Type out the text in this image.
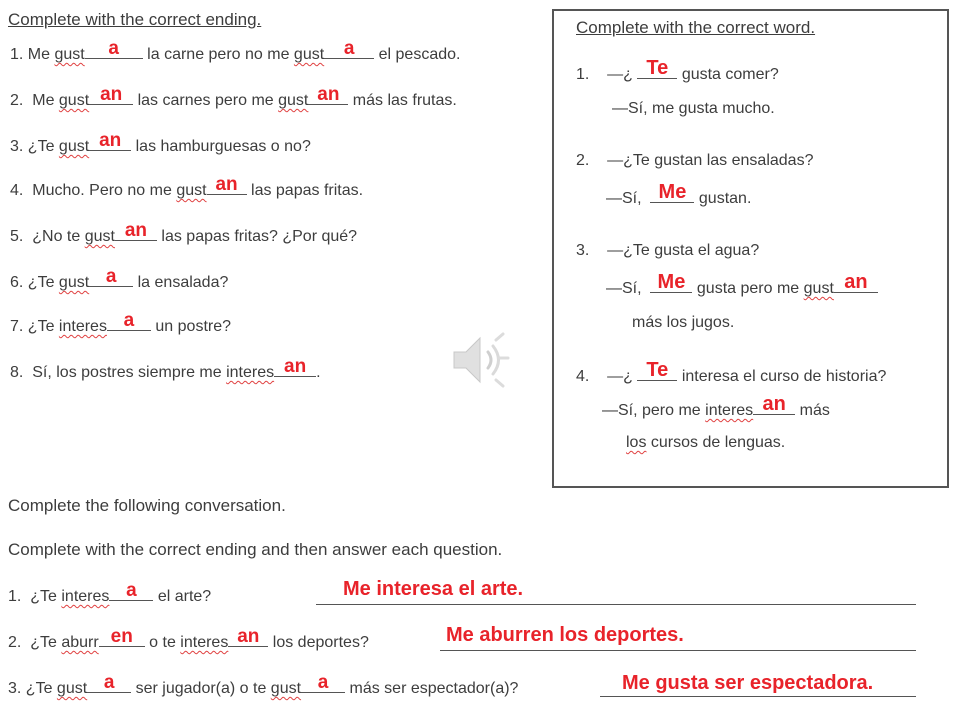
Complete with the correct ending.
1. Me gust	a	la carne pero no me gust	a	el pescado.
2. Me gust an las carnes pero me gust an más las frutas.
3. ¿Te gust an las hamburguesas o no?
4. Mucho. Pero no me gust an las papas fritas.
5. ¿No te gust an las papas fritas? ¿Por qué?
6. ¿Te gust a	la ensalada?
7. ¿Te interes a	un postre?
8. Sí, los postres siempre me interes an .
Complete with the correct word.
1. —¿ Te gusta comer?
—Sí, me gusta mucho.
2. —¿Te gustan las ensaladas?
—Sí, Me gustan.
3. —¿Te gusta el agua?
—Sí, Me gusta pero me gust an
más los jugos.
4. —¿ Te interesa el curso de historia?
—Sí, pero me interes an más
los cursos de lenguas.
Complete the following conversation.
Complete with the correct ending and then answer each question.
1. ¿Te interes a	el arte?	Me interesa el arte.
2. ¿Te aburr en o te interes an los deportes?	Me aburren los deportes.
3. ¿Te gust a	ser jugador(a) o te gust a	más ser espectador(a)?	Me gusta ser espectadora.
